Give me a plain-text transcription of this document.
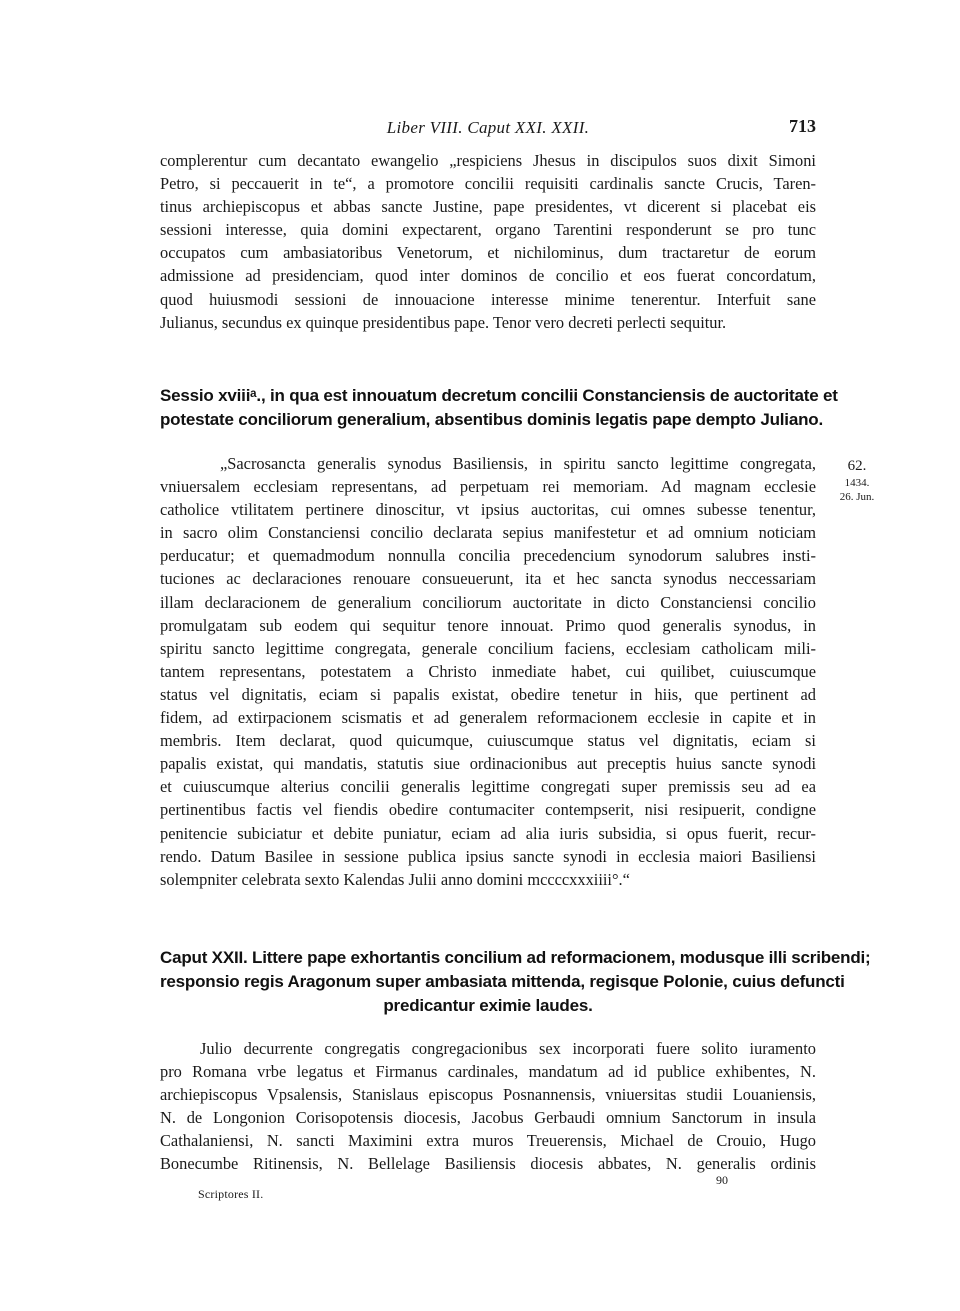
Liber VIII. Caput XXI. XXII.	713
complerentur cum decantato ewangelio „respiciens Jhesus in discipulos suos dixit Simoni
Petro, si peccauerit in te“, a promotore concilii requisiti cardinalis sancte Crucis, Taren-
tinus archiepiscopus et abbas sancte Justine, pape presidentes, vt dicerent si placebat eis
sessioni interesse, quia domini expectarent, organo Tarentini responderunt se pro tunc
occupatos cum ambasiatoribus Venetorum, et nichilominus, dum tractaretur de eorum
admissione ad presidenciam, quod inter dominos de concilio et eos fuerat concordatum,
quod huiusmodi sessioni de innouacione interesse minime tenerentur. Interfuit sane
Julianus, secundus ex quinque presidentibus pape. Tenor vero decreti perlecti sequitur.
Sessio xviiiᵃ., in qua est innouatum decretum concilii Constanciensis de auctoritate et
potestate conciliorum generalium, absentibus dominis legatis pape dempto Juliano.
62.
1434.
26. Jun.
„Sacrosancta generalis synodus Basiliensis, in spiritu sancto legittime congregata,
vniuersalem ecclesiam representans, ad perpetuam rei memoriam. Ad magnam ecclesie
catholice vtilitatem pertinere dinoscitur, vt ipsius auctoritas, cui omnes subesse tenentur,
in sacro olim Constanciensi concilio declarata sepius manifestetur et ad omnium noticiam
perducatur; et quemadmodum nonnulla concilia precedencium synodorum salubres insti-
tuciones ac declaraciones renouare consueuerunt, ita et hec sancta synodus neccessariam
illam declaracionem de generalium conciliorum auctoritate in dicto Constanciensi concilio
promulgatam sub eodem qui sequitur tenore innouat. Primo quod generalis synodus, in
spiritu sancto legittime congregata, generale concilium faciens, ecclesiam catholicam mili-
tantem representans, potestatem a Christo inmediate habet, cui quilibet, cuiuscumque
status vel dignitatis, eciam si papalis existat, obedire tenetur in hiis, que pertinent ad
fidem, ad extirpacionem scismatis et ad generalem reformacionem ecclesie in capite et in
membris. Item declarat, quod quicumque, cuiuscumque status vel dignitatis, eciam si
papalis existat, qui mandatis, statutis siue ordinacionibus aut preceptis huius sancte synodi
et cuiuscumque alterius concilii generalis legittime congregati super premissis seu ad ea
pertinentibus factis vel fiendis obedire contumaciter contempserit, nisi resipuerit, condigne
penitencie subiciatur et debite puniatur, eciam ad alia iuris subsidia, si opus fuerit, recur-
rendo. Datum Basilee in sessione publica ipsius sancte synodi in ecclesia maiori Basiliensi
solempniter celebrata sexto Kalendas Julii anno domini mccccxxxiiii°.“
Caput XXII. Littere pape exhortantis concilium ad reformacionem, modusque illi scribendi;
responsio regis Aragonum super ambasiata mittenda, regisque Polonie, cuius defuncti
predicantur eximie laudes.
Julio decurrente congregatis congregacionibus sex incorporati fuere solito iuramento
pro Romana vrbe legatus et Firmanus cardinales, mandatum ad id publice exhibentes, N.
archiepiscopus Vpsalensis, Stanislaus episcopus Posnannensis, vniuersitas studii Louaniensis,
N. de Longonion Corisopotensis diocesis, Jacobus Gerbaudi omnium Sanctorum in insula
Cathalaniensi, N. sancti Maximini extra muros Treuerensis, Michael de Crouio, Hugo
Bonecumbe Ritinensis, N. Bellelage Basiliensis diocesis abbates, N. generalis ordinis
90
Scriptores II.
